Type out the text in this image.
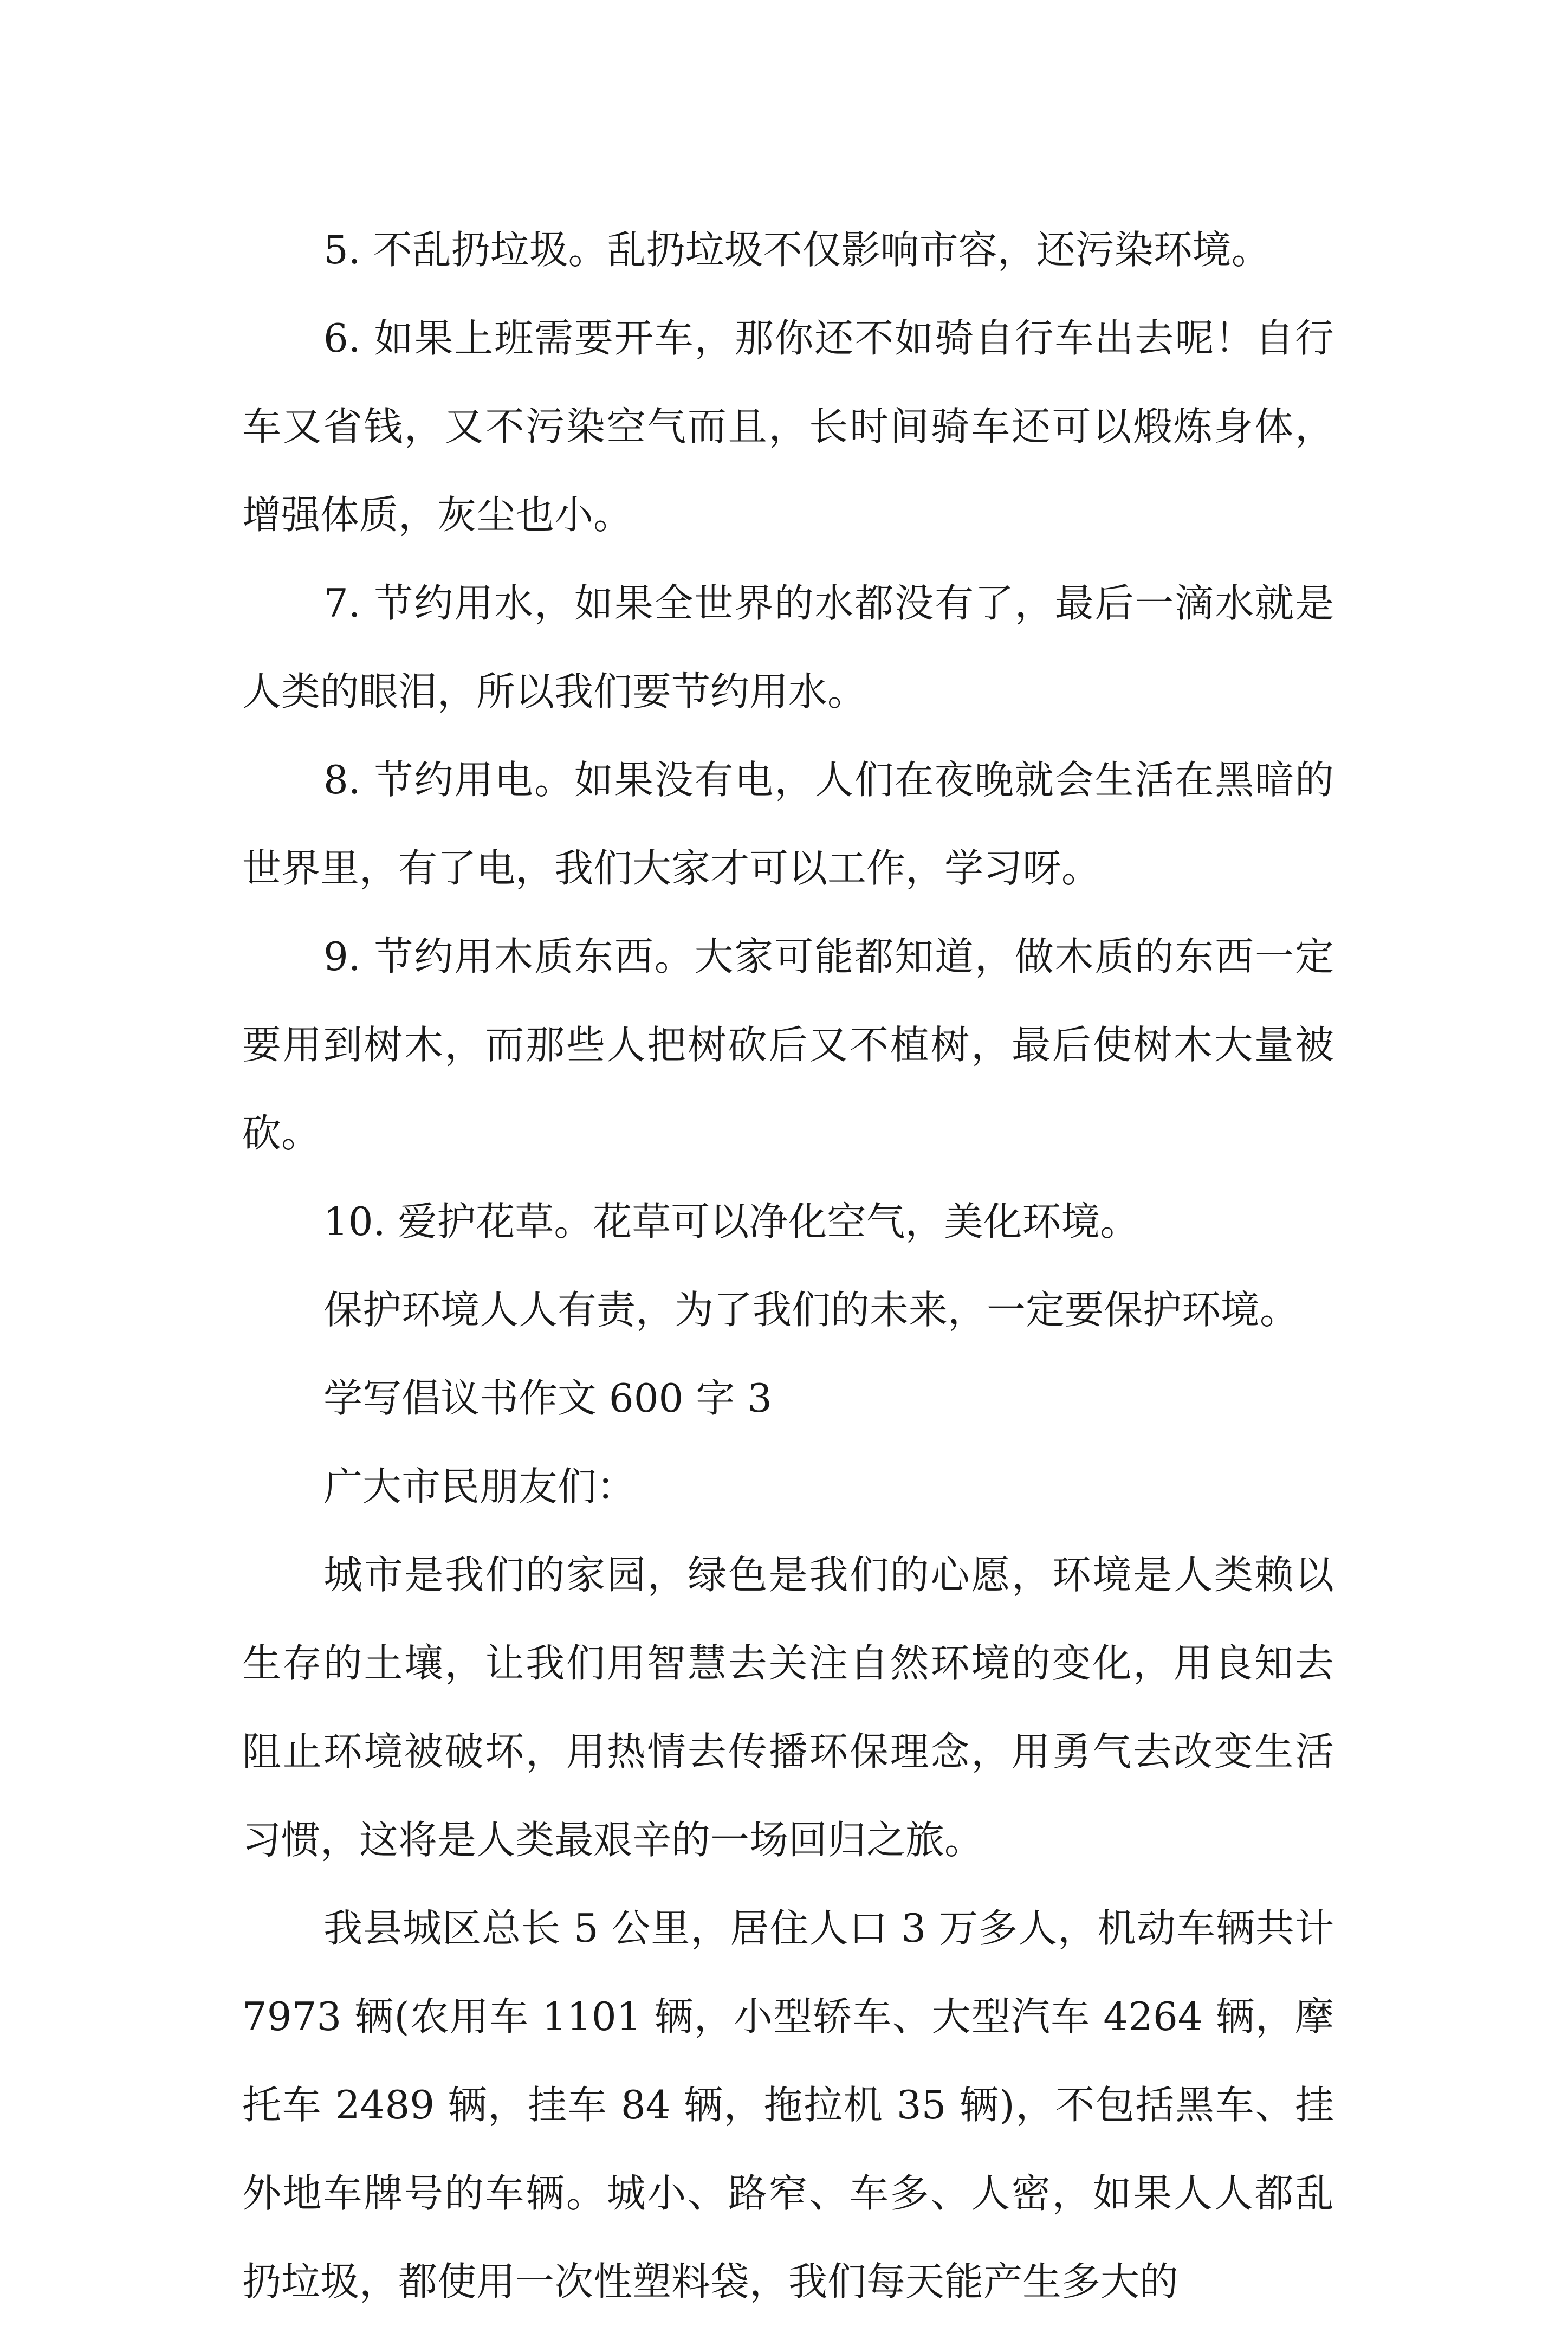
5. 不乱扔垃圾。乱扔垃圾不仅影响市容，还污染环境。

6. 如果上班需要开车，那你还不如骑自行车出去呢！自行车又省钱，又不污染空气而且，长时间骑车还可以煅炼身体，增强体质，灰尘也小。

7. 节约用水，如果全世界的水都没有了，最后一滴水就是人类的眼泪，所以我们要节约用水。

8. 节约用电。如果没有电，人们在夜晚就会生活在黑暗的世界里，有了电，我们大家才可以工作，学习呀。

9. 节约用木质东西。大家可能都知道，做木质的东西一定要用到树木，而那些人把树砍后又不植树，最后使树木大量被砍。

10. 爱护花草。花草可以净化空气，美化环境。

保护环境人人有责，为了我们的未来，一定要保护环境。

学写倡议书作文 600 字 3

广大市民朋友们：

城市是我们的家园，绿色是我们的心愿，环境是人类赖以生存的土壤，让我们用智慧去关注自然环境的变化，用良知去阻止环境被破坏，用热情去传播环保理念，用勇气去改变生活习惯，这将是人类最艰辛的一场回归之旅。

我县城区总长 5 公里，居住人口 3 万多人，机动车辆共计 7973 辆(农用车 1101 辆，小型轿车、大型汽车 4264 辆，摩托车 2489 辆，挂车 84 辆，拖拉机 35 辆)，不包括黑车、挂外地车牌号的车辆。城小、路窄、车多、人密，如果人人都乱扔垃圾，都使用一次性塑料袋，我们每天能产生多大的
